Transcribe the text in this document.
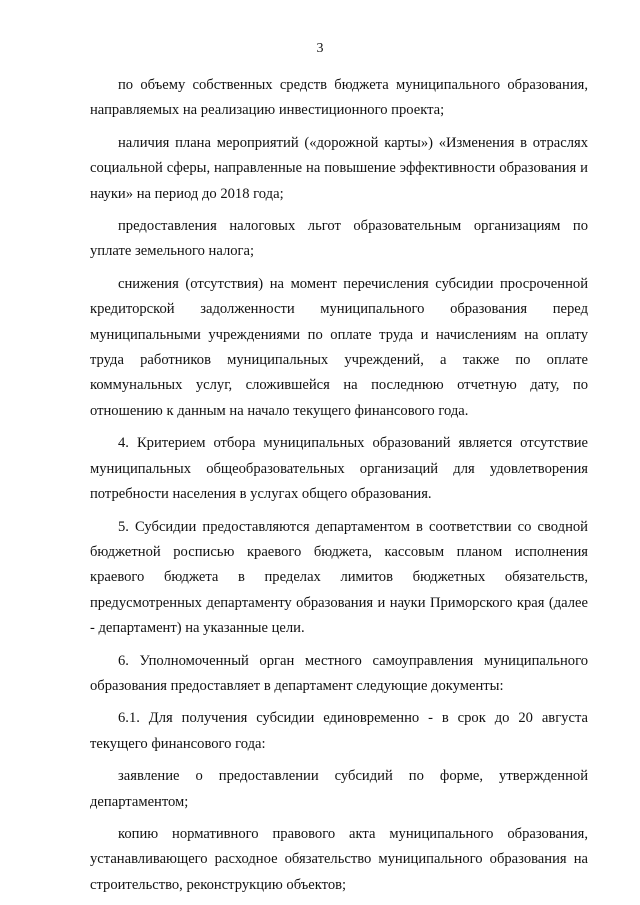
3

по объему собственных средств бюджета муниципального образования, направляемых на реализацию инвестиционного проекта;

наличия плана мероприятий («дорожной карты») «Изменения в отраслях социальной сферы, направленные на повышение эффективности образования и науки» на период до 2018 года;

предоставления налоговых льгот образовательным организациям по уплате земельного налога;

снижения (отсутствия) на момент перечисления субсидии просроченной кредиторской задолженности муниципального образования перед муниципальными учреждениями по оплате труда и начислениям на оплату труда работников муниципальных учреждений, а также по оплате коммунальных услуг, сложившейся на последнюю отчетную дату, по отношению к данным на начало текущего финансового года.

4. Критерием отбора муниципальных образований является отсутствие муниципальных общеобразовательных организаций для удовлетворения потребности населения в услугах общего образования.

5. Субсидии предоставляются департаментом в соответствии со сводной бюджетной росписью краевого бюджета, кассовым планом исполнения краевого бюджета в пределах лимитов бюджетных обязательств, предусмотренных департаменту образования и науки Приморского края (далее - департамент) на указанные цели.

6. Уполномоченный орган местного самоуправления муниципального образования предоставляет в департамент следующие документы:

6.1. Для получения субсидии единовременно - в срок до 20 августа текущего финансового года:

заявление о предоставлении субсидий по форме, утвержденной департаментом;

копию нормативного правового акта муниципального образования, устанавливающего расходное обязательство муниципального образования на строительство, реконструкцию объектов;
